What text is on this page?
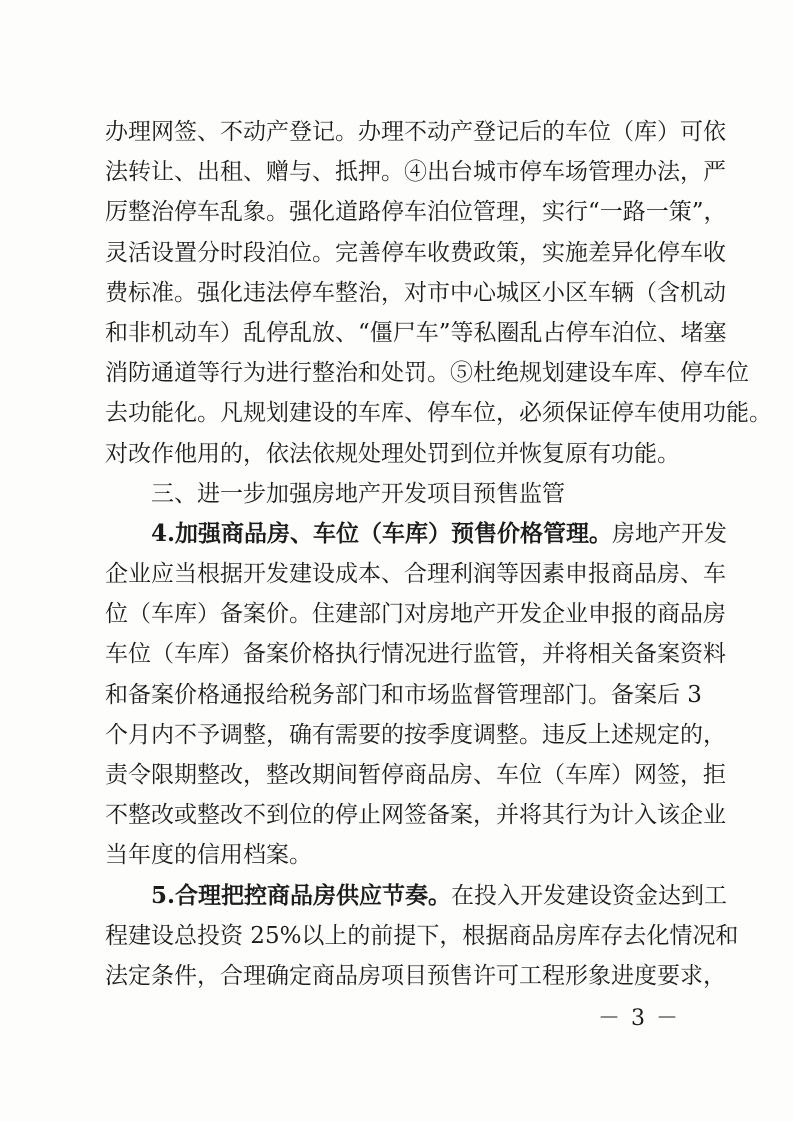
办理网签、不动产登记。办理不动产登记后的车位（库）可依
法转让、出租、赠与、抵押。④出台城市停车场管理办法，严
厉整治停车乱象。强化道路停车泊位管理，实行“一路一策”，
灵活设置分时段泊位。完善停车收费政策，实施差异化停车收
费标准。强化违法停车整治，对市中心城区小区车辆（含机动
和非机动车）乱停乱放、“僵尸车”等私圈乱占停车泊位、堵塞
消防通道等行为进行整治和处罚。⑤杜绝规划建设车库、停车位
去功能化。凡规划建设的车库、停车位，必须保证停车使用功能。
对改作他用的，依法依规处理处罚到位并恢复原有功能。
三、进一步加强房地产开发项目预售监管
4.加强商品房、车位（车库）预售价格管理。房地产开发
企业应当根据开发建设成本、合理利润等因素申报商品房、车
位（车库）备案价。住建部门对房地产开发企业申报的商品房
车位（车库）备案价格执行情况进行监管，并将相关备案资料
和备案价格通报给税务部门和市场监督管理部门。备案后 3
个月内不予调整，确有需要的按季度调整。违反上述规定的，
责令限期整改，整改期间暂停商品房、车位（车库）网签，拒
不整改或整改不到位的停止网签备案，并将其行为计入该企业
当年度的信用档案。
5.合理把控商品房供应节奏。在投入开发建设资金达到工
程建设总投资 25%以上的前提下，根据商品房库存去化情况和
法定条件，合理确定商品房项目预售许可工程形象进度要求，
－ 3 －
